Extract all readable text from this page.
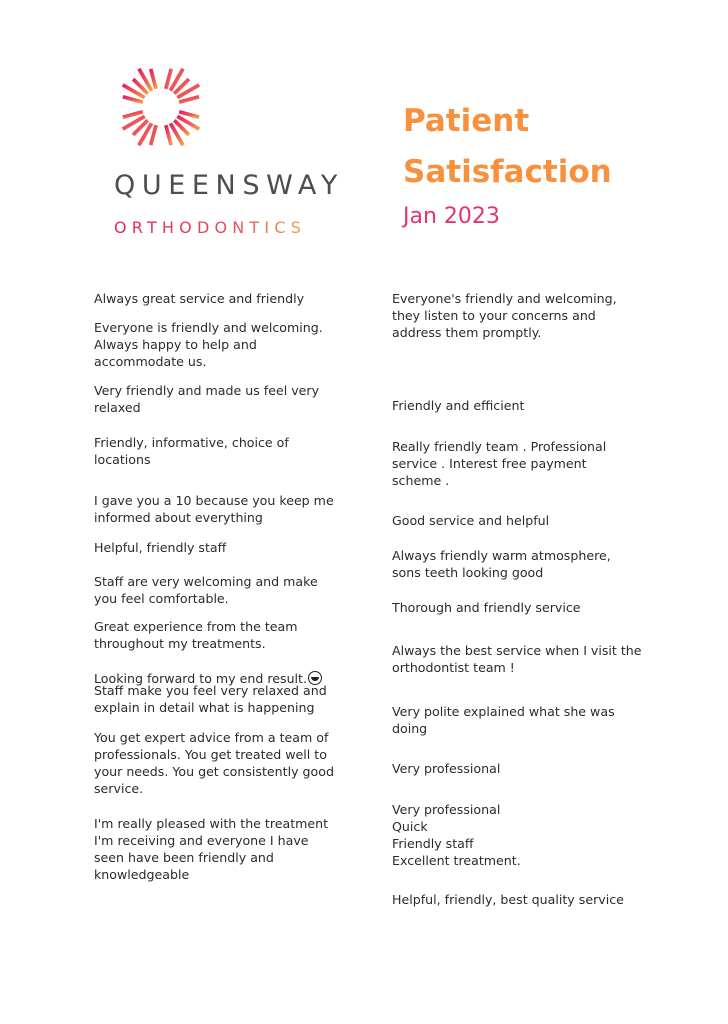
QUEENSWAY
ORTHODONTICS
Patient
Satisfaction
Jan 2023
Always great service and friendly
Everyone is friendly and welcoming. Always happy to help and accommodate us.
Very friendly and made us feel very relaxed
Friendly, informative, choice of locations
I gave you a 10 because you keep me informed about everything
Helpful, friendly staff
Staff are very welcoming and make you feel comfortable.
Great experience from the team throughout my treatments.

Looking forward to my end result.

Staff make you feel very relaxed and explain in detail what is happening
You get expert advice from a team of professionals. You get treated well to your needs. You get consistently good service.
I'm really pleased with the treatment I'm receiving and everyone I have seen have been friendly and knowledgeable
Everyone's friendly and welcoming, they listen to your concerns and address them promptly.
Friendly and efficient
Really friendly team . Professional service . Interest free payment scheme .
Good service and helpful
Always friendly warm atmosphere, sons teeth looking good
Thorough and friendly service
Always the best service when I visit the orthodontist team !
Very polite explained what she was doing
Very professional
Very professional
Quick
Friendly staff
Excellent treatment.
Helpful, friendly, best quality service
